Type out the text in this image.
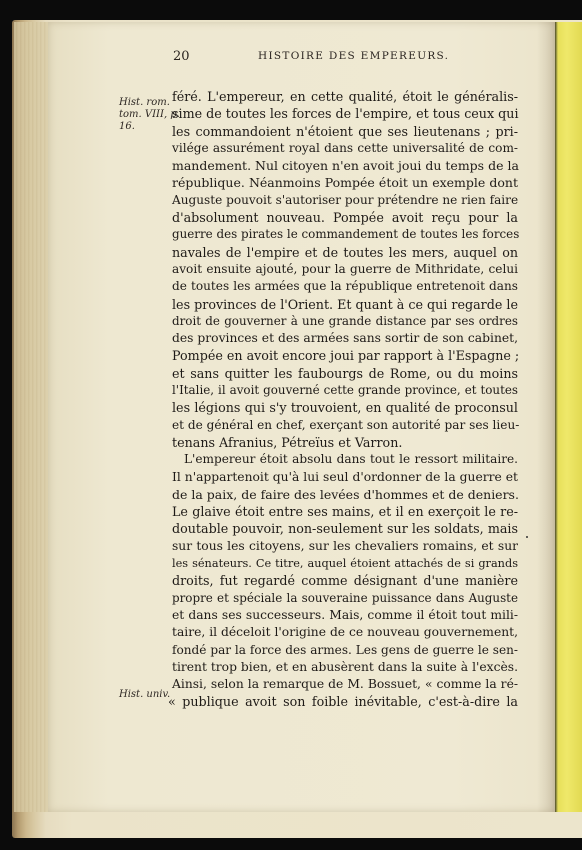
20	HISTOIRE DES EMPEREURS.
Hist. rom.
tom. VIII, p.
16.
Hist. univ.
féré. L'empereur, en cette qualité, étoit le généralis-
sime de toutes les forces de l'empire, et tous ceux qui
les commandoient n'étoient que ses lieutenans ; pri-
vilége assurément royal dans cette universalité de com-
mandement. Nul citoyen n'en avoit joui du temps de la
république. Néanmoins Pompée étoit un exemple dont
Auguste pouvoit s'autoriser pour prétendre ne rien faire
d'absolument nouveau. Pompée avoit reçu pour la
guerre des pirates le commandement de toutes les forces
navales de l'empire et de toutes les mers, auquel on
avoit ensuite ajouté, pour la guerre de Mithridate, celui
de toutes les armées que la république entretenoit dans
les provinces de l'Orient. Et quant à ce qui regarde le
droit de gouverner à une grande distance par ses ordres
des provinces et des armées sans sortir de son cabinet,
Pompée en avoit encore joui par rapport à l'Espagne ;
et sans quitter les faubourgs de Rome, ou du moins
l'Italie, il avoit gouverné cette grande province, et toutes
les légions qui s'y trouvoient, en qualité de proconsul
et de général en chef, exerçant son autorité par ses lieu-
tenans Afranius, Pétreïus et Varron.
L'empereur étoit absolu dans tout le ressort militaire.
Il n'appartenoit qu'à lui seul d'ordonner de la guerre et
de la paix, de faire des levées d'hommes et de deniers.
Le glaive étoit entre ses mains, et il en exerçoit le re-
doutable pouvoir, non-seulement sur les soldats, mais
sur tous les citoyens, sur les chevaliers romains, et sur
les sénateurs. Ce titre, auquel étoient attachés de si grands
droits, fut regardé comme désignant d'une manière
propre et spéciale la souveraine puissance dans Auguste
et dans ses successeurs. Mais, comme il étoit tout mili-
taire, il déceloit l'origine de ce nouveau gouvernement,
fondé par la force des armes. Les gens de guerre le sen-
tirent trop bien, et en abusèrent dans la suite à l'excès.
Ainsi, selon la remarque de M. Bossuet, « comme la ré-
« publique avoit son foible inévitable, c'est-à-dire la
